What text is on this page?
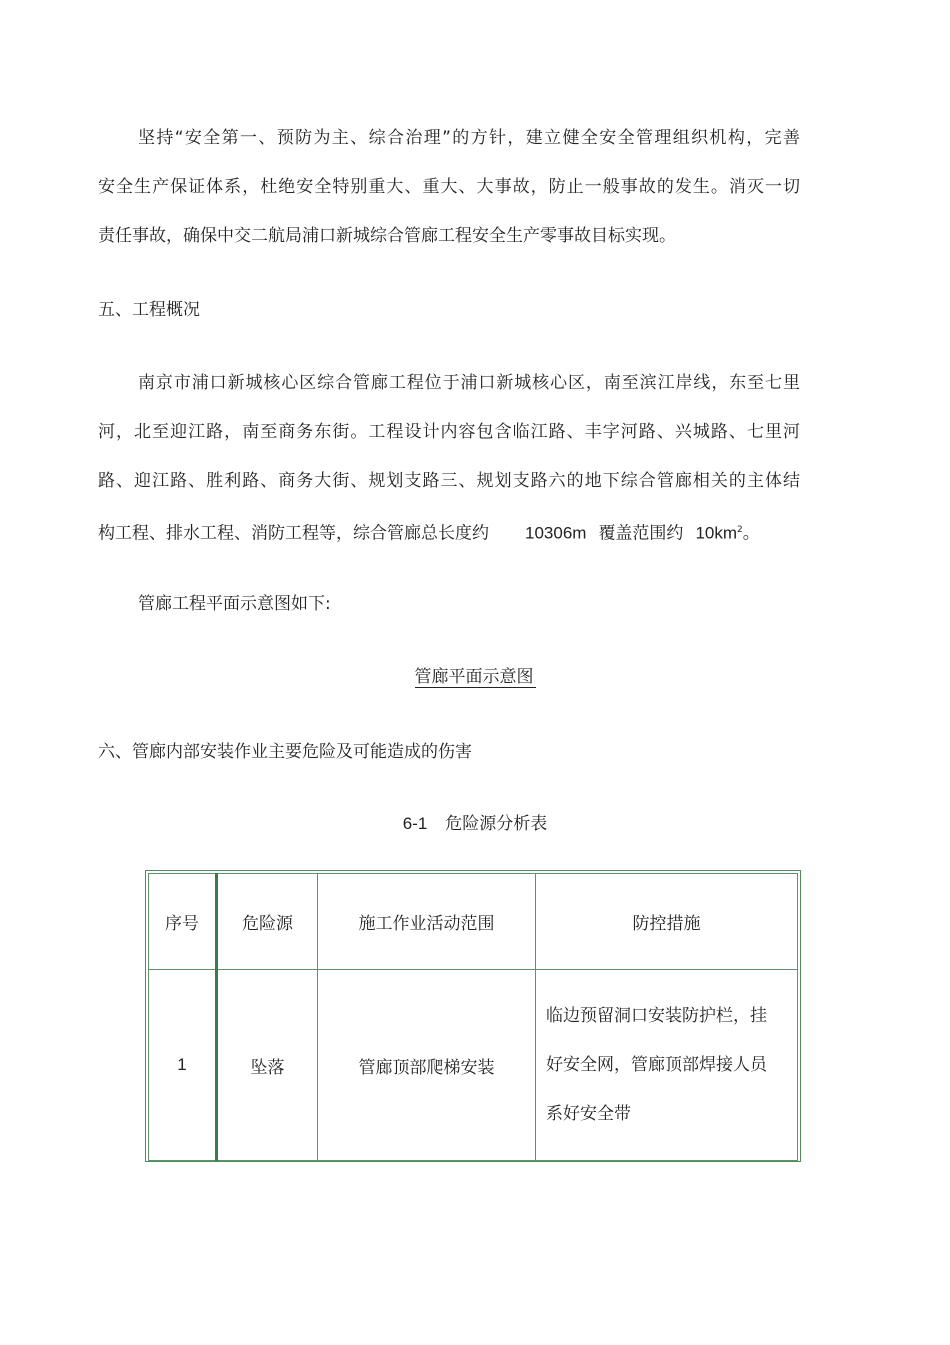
坚持“安全第一、预防为主、综合治理”的方针，建立健全安全管理组织机构，完善
安全生产保证体系，杜绝安全特别重大、重大、大事故，防止一般事故的发生。消灭一切
责任事故，确保中交二航局浦口新城综合管廊工程安全生产零事故目标实现。
五、工程概况
南京市浦口新城核心区综合管廊工程位于浦口新城核心区，南至滨江岸线，东至七里
河，北至迎江路，南至商务东街。工程设计内容包含临江路、丰字河路、兴城路、七里河
路、迎江路、胜利路、商务大街、规划支路三、规划支路六的地下综合管廊相关的主体结
构工程、排水工程、消防工程等，综合管廊总长度约 10306m 覆盖范围约 $10km^2$。
管廊工程平面示意图如下:
管廊平面示意图
六、管廊内部安装作业主要危险及可能造成的伤害
6-1 危险源分析表
序号	危险源	施工作业活动范围	防控措施
1	坠落	管廊顶部爬梯安装	临边预留洞口安装防护栏，挂
好安全网，管廊顶部焊接人员
系好安全带
